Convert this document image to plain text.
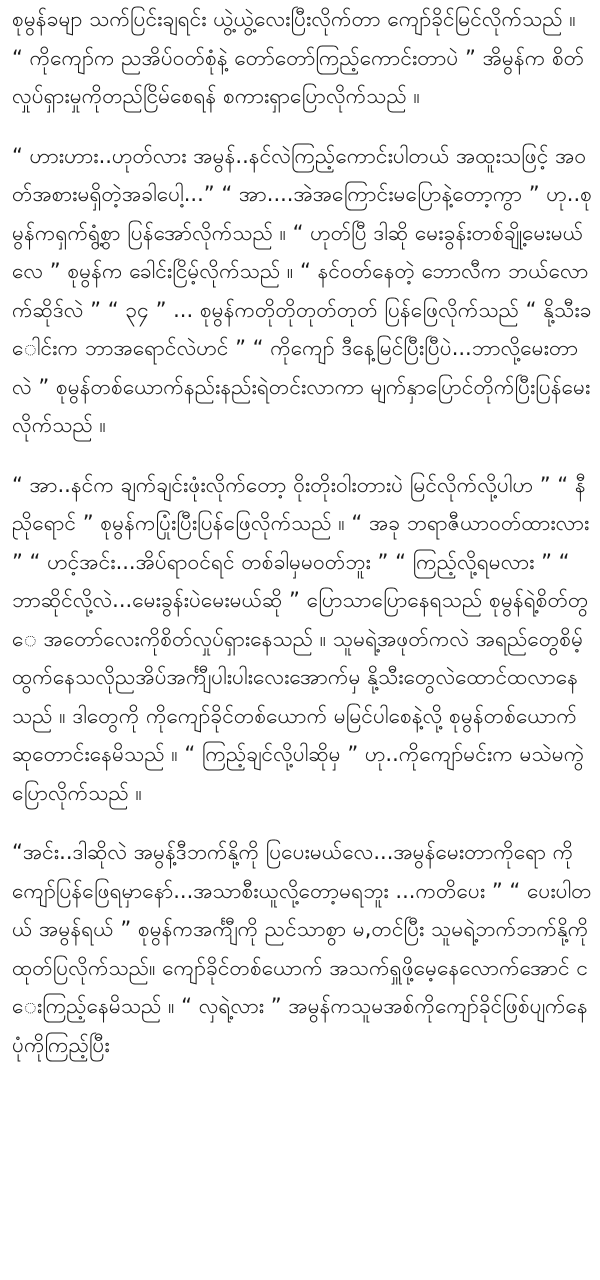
စုမွန်ခမျာ သက်ပြင်းချရင်း ယွဲ့ယွဲ့လေးပြီးလိုက်တာ ကျော်ခိုင်မြင်လိုက်သည် ။ “ ကိုကျော်က ညအိပ်ဝတ်စုံနဲ့ တော်တော်ကြည့်ကောင်းတာပဲ ” အိမွန်က စိတ်လှုပ်ရှားမှုကိုတည်ငြိမ်စေရန် စကားရှာပြောလိုက်သည် ။

“ ဟားဟား..ဟုတ်လား အမွန်..နင်လဲကြည့်ကောင်းပါတယ် အထူးသဖြင့် အဝတ်အစားမရှိတဲ့အခါပေါ့...” “ အာ....အဲအကြောင်းမပြောနဲ့တော့ကွာ ” ဟု..စုမွန်ကရှက်ရွံ့စွာ ပြန်အော်လိုက်သည် ။ “ ဟုတ်ပြီ ဒါဆို မေးခွန်းတစ်ချို့မေးမယ်လေ ” စုမွန်က ခေါင်းငြိမ့်လိုက်သည် ။ “ နင်ဝတ်နေတဲ့ ဘောလီက ဘယ်လောက်ဆိုဒ်လဲ ” “ ၃၄ ” ... စုမွန်ကတိုတိုတုတ်တုတ် ပြန်ဖြေလိုက်သည် “ နို့သီးခေါင်းက ဘာအရောင်လဲဟင် ” “ ကိုကျော် ဒီနေ့မြင်ပြီးပြီပဲ...ဘာလို့မေးတာလဲ ” စုမွန်တစ်ယောက်နည်းနည်းရဲတင်းလာကာ မျက်နှာပြောင်တိုက်ပြီးပြန်မေးလိုက်သည် ။

“ အာ..နင်က ချက်ချင်းဖုံးလိုက်တော့ ဝိုးတိုးဝါးတားပဲ မြင်လိုက်လို့ပါဟ ” “ နီညိုရောင် ” စုမွန်ကပြုံးပြီးပြန်ဖြေလိုက်သည် ။ “ အခု ဘရာဇီယာဝတ်ထားလား ” “ ဟင့်အင်း...အိပ်ရာဝင်ရင် တစ်ခါမှမဝတ်ဘူး ” “ ကြည့်လို့ရမလား ” “ ဘာဆိုင်လို့လဲ...မေးခွန်းပဲမေးမယ်ဆို ” ပြောသာပြောနေရသည် စုမွန်ရဲ့စိတ်တွေ အတော်လေးကိုစိတ်လှုပ်ရှားနေသည် ။ သူမရဲ့အဖုတ်ကလဲ အရည်တွေစိမ့်ထွက်နေသလိုညအိပ်အင်္ကျီပါးပါးလေးအောက်မှ နို့သီးတွေလဲထောင်ထလာနေသည် ။ ဒါတွေကို ကိုကျော်ခိုင်တစ်ယောက် မမြင်ပါစေနဲ့လို့ စုမွန်တစ်ယောက်ဆုတောင်းနေမိသည် ။ “ ကြည့်ချင်လို့ပါဆိုမှ ” ဟု..ကိုကျော်မင်းက မသဲမကွဲပြောလိုက်သည် ။

“အင်း..ဒါဆိုလဲ အမွန့်ဒီဘက်နို့ကို ပြပေးမယ်လေ...အမွန်မေးတာကိုရော ကိုကျော်ပြန်ဖြေရမှာနော်...အသာစီးယူလို့တော့မရဘူး ...ကတိပေး ” “ ပေးပါတယ် အမွန်ရယ် ” စုမွန်ကအင်္ကျီကို ညင်သာစွာ မ,တင်ပြီး သူမရဲ့ဘက်ဘက်နို့ကို ထုတ်ပြလိုက်သည်။ ကျော်ခိုင်တစ်ယောက် အသက်ရှူဖို့မေ့နေလောက်အောင် ငေးကြည့်နေမိသည် ။ “ လှရဲ့လား ” အမွန်ကသူမအစ်ကိုကျော်ခိုင်ဖြစ်ပျက်နေပုံကိုကြည့်ပြီး
